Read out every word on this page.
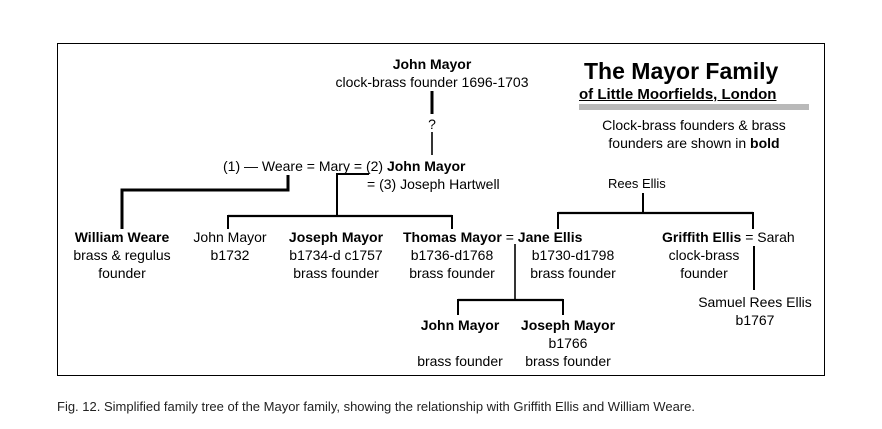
The Mayor Family
of Little Moorfields, London
Clock-brass founders & brass
founders are shown in bold
John Mayor
clock-brass founder 1696-1703
?
(1) — Weare = Mary = (2) John Mayor
= (3) Joseph Hartwell	Rees Ellis
William Weare
brass & regulus
founder
John Mayor
b1732
Joseph Mayor
b1734-d c1757
brass founder
Thomas Mayor = Jane Ellis
b1736-d1768
brass founder
b1730-d1798
brass founder
Griffith Ellis = Sarah
clock-brass
founder
John Mayor

brass founder
Joseph Mayor
b1766
brass founder
Samuel Rees Ellis
b1767
Fig. 12. Simplified family tree of the Mayor family, showing the relationship with Griffith Ellis and William Weare.
